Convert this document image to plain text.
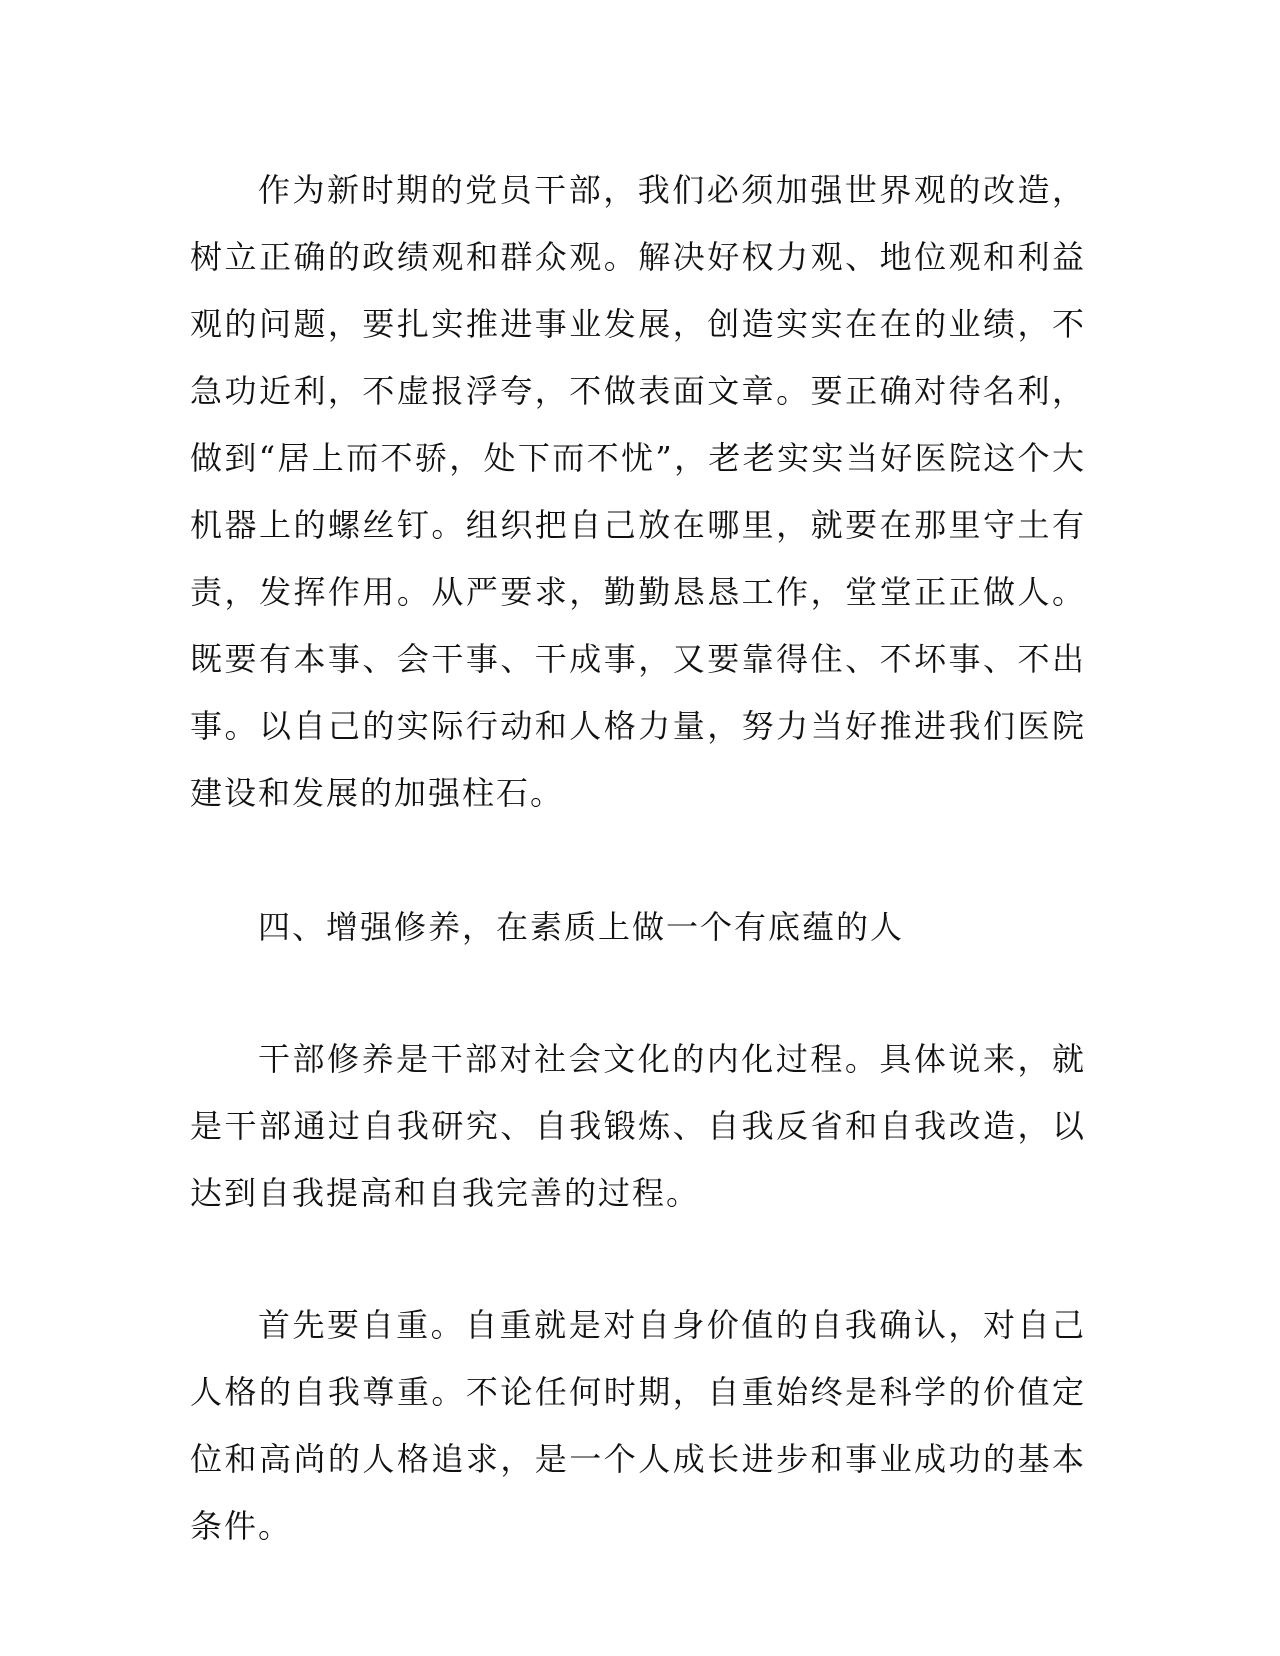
作为新时期的党员干部，我们必须加强世界观的改造，树立正确的政绩观和群众观。解决好权力观、地位观和利益观的问题，要扎实推进事业发展，创造实实在在的业绩，不急功近利，不虚报浮夸，不做表面文章。要正确对待名利，做到“居上而不骄，处下而不忧”，老老实实当好医院这个大机器上的螺丝钉。组织把自己放在哪里，就要在那里守土有责，发挥作用。从严要求，勤勤恳恳工作，堂堂正正做人。既要有本事、会干事、干成事，又要靠得住、不坏事、不出事。以自己的实际行动和人格力量，努力当好推进我们医院建设和发展的加强柱石。

四、增强修养，在素质上做一个有底蕴的人

干部修养是干部对社会文化的内化过程。具体说来，就是干部通过自我研究、自我锻炼、自我反省和自我改造，以达到自我提高和自我完善的过程。

首先要自重。自重就是对自身价值的自我确认，对自己人格的自我尊重。不论任何时期，自重始终是科学的价值定位和高尚的人格追求，是一个人成长进步和事业成功的基本条件。
